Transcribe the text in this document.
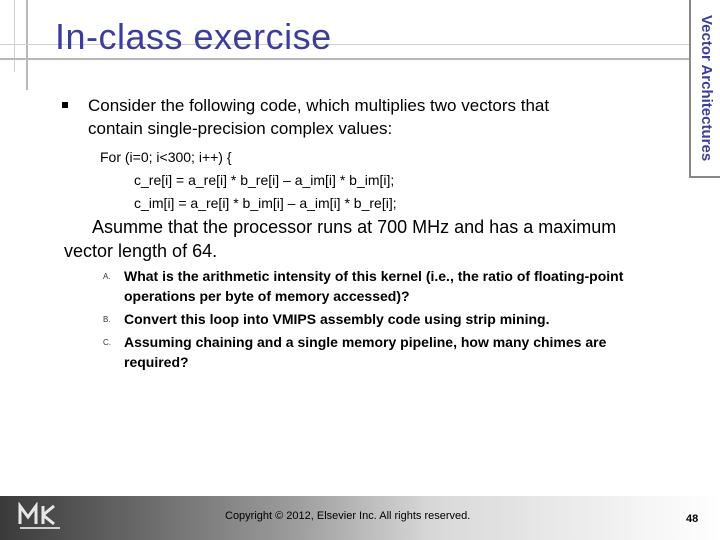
In-class exercise	Vector Architectures
Consider the following code, which multiplies two vectors that
contain single-precision complex values:
For (i=0; i<300; i++) {
c_re[i] = a_re[i] * b_re[i] – a_im[i] * b_im[i];
c_im[i] = a_re[i] * b_im[i] – a_im[i] * b_re[i];
Asumme that the processor runs at 700 MHz and has a maximum
vector length of 64.
A. What is the arithmetic intensity of this kernel (i.e., the ratio of floating-point
operations per byte of memory accessed)?
B. Convert this loop into VMIPS assembly code using strip mining.
C. Assuming chaining and a single memory pipeline, how many chimes are
required?
Copyright © 2012, Elsevier Inc. All rights reserved.	48
